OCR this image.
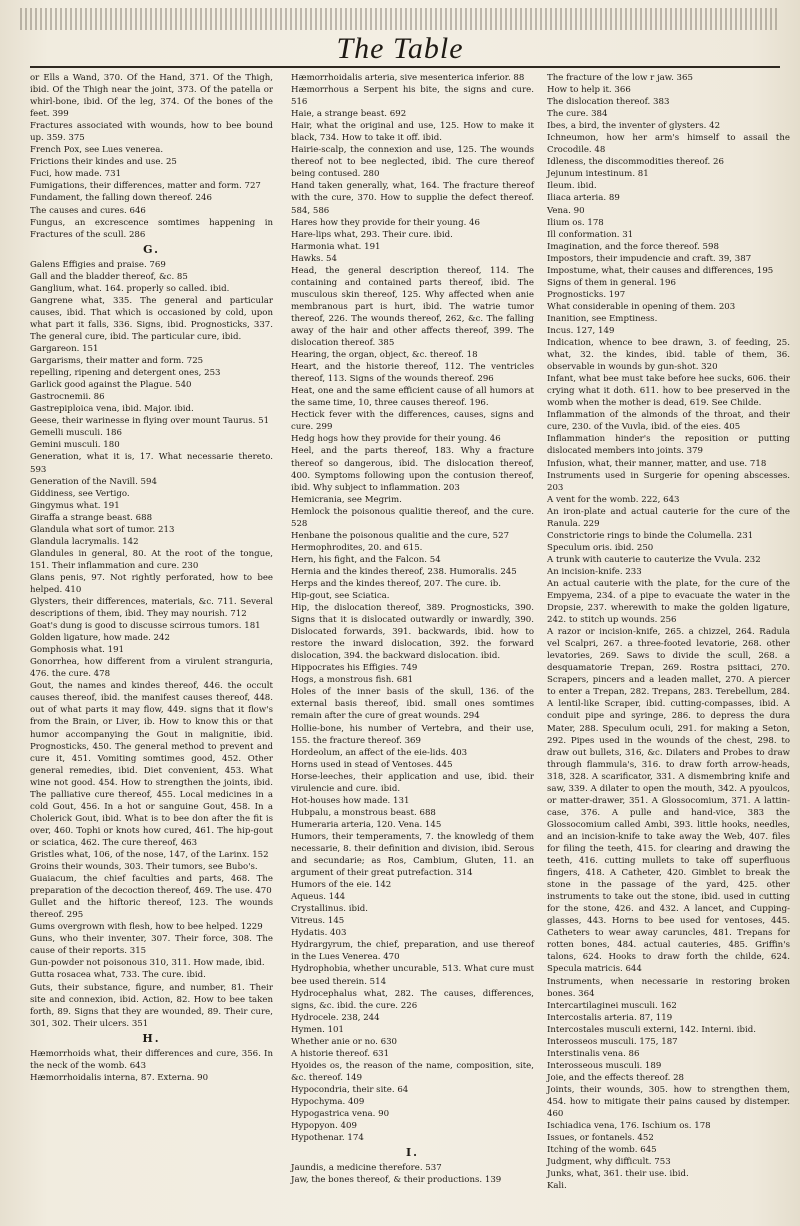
The Table

or Ells a Wand, 370. Of the Hand, 371. Of the Thigh, ibid. Of the Thigh near the joint, 373. Of the patella or whirl-bone, ibid. Of the leg, 374. Of the bones of the feet. 399

Fractures associated with wounds, how to bee bound up. 359. 375

French Pox, see Lues venerea.

Frictions their kindes and use. 25

Fuci, how made. 731

Fumigations, their differences, matter and form. 727

Fundament, the falling down thereof. 246

The causes and cures. 646

Fungus, an excrescence somtimes happening in Fractures of the scull. 286

G.

Galens Effigies and praise. 769

Gall and the bladder thereof, &c. 85

Ganglium, what. 164. properly so called. ibid.

Gangrene what, 335. The general and particular causes, ibid. That which is occasioned by cold, upon what part it falls, 336. Signs, ibid. Prognosticks, 337. The general cure, ibid. The particular cure, ibid.

Gargareon. 151

Gargarisms, their matter and form. 725

repelling, ripening and detergent ones, 253

Garlick good against the Plague. 540

Gastrocnemii. 86

Gastrepiploica vena, ibid. Major. ibid.

Geese, their warinesse in flying over mount Taurus. 51

Gemelli musculi. 186

Gemini musculi. 180

Generation, what it is, 17. What necessarie thereto. 593

Generation of the Navill. 594

Giddiness, see Vertigo.

Gingymus what. 191

Giraffa a strange beast. 688

Glandula what sort of tumor. 213

Glandula lacrymalis. 142

Glandules in general, 80. At the root of the tongue, 151. Their inflammation and cure. 230

Glans penis, 97. Not rightly perforated, how to bee helped. 410

Glysters, their differences, materials, &c. 711. Several descriptions of them, ibid. They may nourish. 712

Goat's dung is good to discusse scirrous tumors. 181

Golden ligature, how made. 242

Gomphosis what. 191

Gonorrhea, how different from a virulent stranguria, 476. the cure. 478

Gout, the names and kindes thereof, 446. the occult causes thereof, ibid. the manifest causes thereof, 448. out of what parts it may flow, 449. signs that it flow's from the Brain, or Liver, ib. How to know this or that humor accompanying the Gout in malignitie, ibid. Prognosticks, 450. The general method to prevent and cure it, 451. Vomiting somtimes good, 452. Other general remedies, ibid. Diet convenient, 453. What wine not good. 454. How to strengthen the joints, ibid. The palliative cure thereof, 455. Local medicines in a cold Gout, 456. In a hot or sanguine Gout, 458. In a Cholerick Gout, ibid. What is to bee don after the fit is over, 460. Tophi or knots how cured, 461. The hip-gout or sciatica, 462. The cure thereof, 463

Gristles what, 106, of the nose, 147, of the Larinx. 152

Groins their wounds, 303. Their tumors, see Bubo's.

Guaiacum, the chief faculties and parts, 468. The preparation of the decoction thereof, 469. The use. 470

Gullet and the hiftoric thereof, 123. The wounds thereof. 295

Gums overgrown with flesh, how to bee helped. 1229

Guns, who their inventer, 307. Their force, 308. The cause of their reports. 315

Gun-powder not poisonous 310, 311. How made, ibid.

Gutta rosacea what, 733. The cure. ibid.

Guts, their substance, figure, and number, 81. Their site and connexion, ibid. Action, 82. How to bee taken forth, 89. Signs that they are wounded, 89. Their cure, 301, 302. Their ulcers. 351

H.

Hæmorrhoids what, their differences and cure, 356. In the neck of the womb. 643

Hæmorrhoidalis interna, 87. Externa. 90

Hæmorrhoidalis arteria, sive mesenterica inferior. 88

Hæmorrhous a Serpent his bite, the signs and cure. 516

Haie, a strange beast. 692

Hair, what the original and use, 125. How to make it black, 734. How to take it off. ibid.

Hairie-scalp, the connexion and use, 125. The wounds thereof not to bee neglected, ibid. The cure thereof being contused. 280

Hand taken generally, what, 164. The fracture thereof with the cure, 370. How to supplie the defect thereof. 584, 586

Hares how they provide for their young. 46

Hare-lips what, 293. Their cure. ibid.

Harmonia what. 191

Hawks. 54

Head, the general description thereof, 114. The containing and contained parts thereof, ibid. The musculous skin thereof, 125. Why affected when anie membranous part is hurt, ibid. The watrie tumor thereof, 226. The wounds thereof, 262, &c. The falling away of the hair and other affects thereof, 399. The dislocation thereof. 385

Hearing, the organ, object, &c. thereof. 18

Heart, and the historie thereof, 112. The ventricles thereof, 113. Signs of the wounds thereof. 296

Heat, one and the same efficient cause of all humors at the same time, 10, three causes thereof. 196.

Hectick fever with the differences, causes, signs and cure. 299

Hedg hogs how they provide for their young. 46

Heel, and the parts thereof, 183. Why a fracture thereof so dangerous, ibid. The dislocation thereof, 400. Symptoms following upon the contusion thereof, ibid. Why subject to inflammation. 203

Hemicrania, see Megrim.

Hemlock the poisonous qualitie thereof, and the cure. 528

Henbane the poisonous qualitie and the cure, 527

Hermophrodites, 20. and 615.

Hern, his fight, and the Falcon. 54

Hernia and the kindes thereof, 238. Humoralis. 245

Herps and the kindes thereof, 207. The cure. ib.

Hip-gout, see Sciatica.

Hip, the dislocation thereof, 389. Prognosticks, 390. Signs that it is dislocated outwardly or inwardly, 390. Dislocated forwards, 391. backwards, ibid. how to restore the inward dislocation, 392. the forward dislocation, 394. the backward dislocation. ibid.

Hippocrates his Effigies. 749

Hogs, a monstrous fish. 681

Holes of the inner basis of the skull, 136. of the external basis thereof, ibid. small ones somtimes remain after the cure of great wounds. 294

Hollie-bone, his number of Vertebra, and their use, 155. the fracture thereof. 369

Hordeolum, an affect of the eie-lids. 403

Horns used in stead of Ventoses. 445

Horse-leeches, their application and use, ibid. their virulencie and cure. ibid.

Hot-houses how made. 131

Hubpalu, a monstrous beast. 688

Humeraria arteria, 120. Vena. 145

Humors, their temperaments, 7. the knowledg of them necessarie, 8. their definition and division, ibid. Serous and secundarie; as Ros, Cambium, Gluten, 11. an argument of their great putrefaction. 314

Humors of the eie. 142

Aqueus. 144

Crystallinus. ibid.

Vitreus. 145

Hydatis. 403

Hydrargyrum, the chief, preparation, and use thereof in the Lues Venerea. 470

Hydrophobia, whether uncurable, 513. What cure must bee used therein. 514

Hydrocephalus what, 282. The causes, differences, signs, &c. ibid. the cure. 226

Hydrocele. 238, 244

Hymen. 101

Whether anie or no. 630

A historie thereof. 631

Hyoides os, the reason of the name, composition, site, &c. thereof. 149

Hypocondria, their site. 64

Hypochyma. 409

Hypogastrica vena. 90

Hypopyon. 409

Hypothenar. 174

I.

Jaundis, a medicine therefore. 537

Jaw, the bones thereof, & their productions. 139

The fracture of the low r jaw. 365

How to help it. 366

The dislocation thereof. 383

The cure. 384

Ibes, a bird, the inventer of glysters. 42

Ichneumon, how her arm's himself to assail the Crocodile. 48

Idleness, the discommodities thereof. 26

Jejunum intestinum. 81

Ileum. ibid.

Iliaca arteria. 89

Vena. 90

Ilium os. 178

Ill conformation. 31

Imagination, and the force thereof. 598

Impostors, their impudencie and craft. 39, 387

Impostume, what, their causes and differences, 195

Signs of them in general. 196

Prognosticks. 197

What considerable in opening of them. 203

Inanition, see Emptiness.

Incus. 127, 149

Indication, whence to bee drawn, 3. of feeding, 25. what, 32. the kindes, ibid. table of them, 36. observable in wounds by gun-shot. 320

Infant, what bee must take before hee sucks, 606. their crying what it doth. 611. how to bee preserved in the womb when the mother is dead, 619. See Childe.

Inflammation of the almonds of the throat, and their cure, 230. of the Vuvla, ibid. of the eies. 405

Inflammation hinder's the reposition or putting dislocated members into joints. 379

Infusion, what, their manner, matter, and use. 718

Instruments used in Surgerie for opening abscesses. 203

A vent for the womb. 222, 643

An iron-plate and actual cauterie for the cure of the Ranula. 229

Constrictorie rings to binde the Columella. 231

Speculum oris. ibid. 250

A trunk with cauterie to cauterize the Vvula. 232

An incision-knife. 233

An actual cauterie with the plate, for the cure of the Empyema, 234. of a pipe to evacuate the water in the Dropsie, 237. wherewith to make the golden ligature, 242. to stitch up wounds. 256

A razor or incision-knife, 265. a chizzel, 264. Radula vel Scalpri, 267. a three-footed levatorie, 268. other levatories, 269. Saws to divide the scull, 268. a desquamatorie Trepan, 269. Rostra psittaci, 270. Scrapers, pincers and a leaden mallet, 270. A piercer to enter a Trepan, 282. Trepans, 283. Terebellum, 284. A lentil-like Scraper, ibid. cutting-compasses, ibid. A conduit pipe and syringe, 286. to depress the dura Mater, 288. Speculum oculi, 291. for making a Seton, 292. Pipes used in the wounds of the chest, 298. to draw out bullets, 316, &c. Dilaters and Probes to draw through flammula's, 316. to draw forth arrow-heads, 318, 328. A scarificator, 331. A dismembring knife and saw, 339. A dilater to open the mouth, 342. A pyoulcos, or matter-drawer, 351. A Glossocomium, 371. A lattin-case, 376. A pulle and hand-vice, 383 the Glossocomium called Ambi, 393. little hooks, needles, and an incision-knife to take away the Web, 407. files for filing the teeth, 415. for clearing and drawing the teeth, 416. cutting mullets to take off superfluous fingers, 418. A Catheter, 420. Gimblet to break the stone in the passage of the yard, 425. other instruments to take out the stone, ibid. used in cutting for the stone, 426. and 432. A lancet, and Cupping-glasses, 443. Horns to bee used for ventoses, 445. Catheters to wear away caruncles, 481. Trepans for rotten bones, 484. actual cauteries, 485. Griffin's talons, 624. Hooks to draw forth the childe, 624. Specula matricis. 644

Instruments, when necessarie in restoring broken bones. 364

Intercartilaginei musculi. 162

Intercostalis arteria. 87, 119

Intercostales musculi externi, 142. Interni. ibid.

Interosseos musculi. 175, 187

Interstinalis vena. 86

Interosseous musculi. 189

Joie, and the effects thereof. 28

Joints, their wounds, 305. how to strengthen them, 454. how to mitigate their pains caused by distemper. 460

Ischiadica vena, 176. Ischium os. 178

Issues, or fontanels. 452

Itching of the womb. 645

Judgment, why difficult. 753

Junks, what, 361. their use. ibid.

Kali.
